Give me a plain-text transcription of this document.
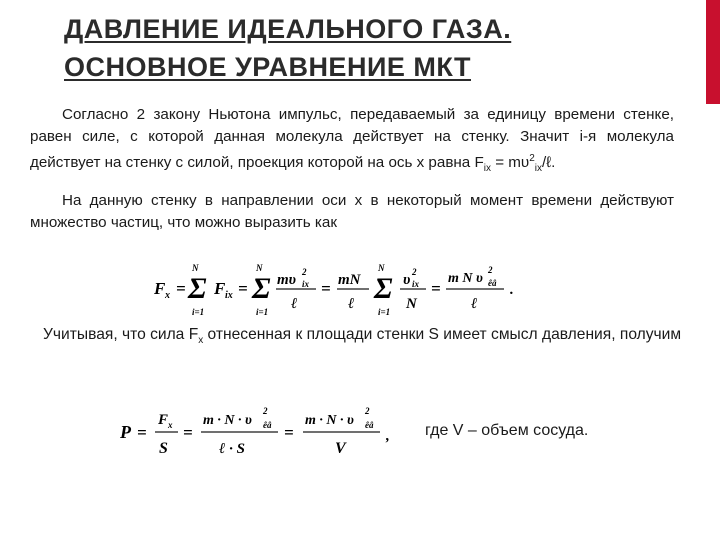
ДАВЛЕНИЕ ИДЕАЛЬНОГО ГАЗА.
ОСНОВНОЕ УРАВНЕНИЕ МКТ

Согласно 2 закону Ньютона импульс, передаваемый за единицу времени стенке, равен силе, с которой данная молекула действует на стенку. Значит i-я молекула действует на стенку с силой, проекция которой на ось x равна $F_{ix}$ = $m\upsilon^2_{ix}/\ell$.

На данную стенку в направлении оси x в некоторый момент времени действуют множество частиц, что можно выразить как

F x =
N
Σ
i=1
F ix =
N
Σ
i=1
mυ 2
ix
ℓ
= mN
ℓ
N
Σ
i=1
υ 2
ix
N
=
m N υ
2
êâ
ℓ
.

Учитывая, что сила $F_x$ отнесенная к площади стенки S имеет смысл давления, получим

P =
F x
S
=
m · N · υ
2
êâ
ℓ · S
=
m · N · υ
2
êâ
V
, где V – объем сосуда.
